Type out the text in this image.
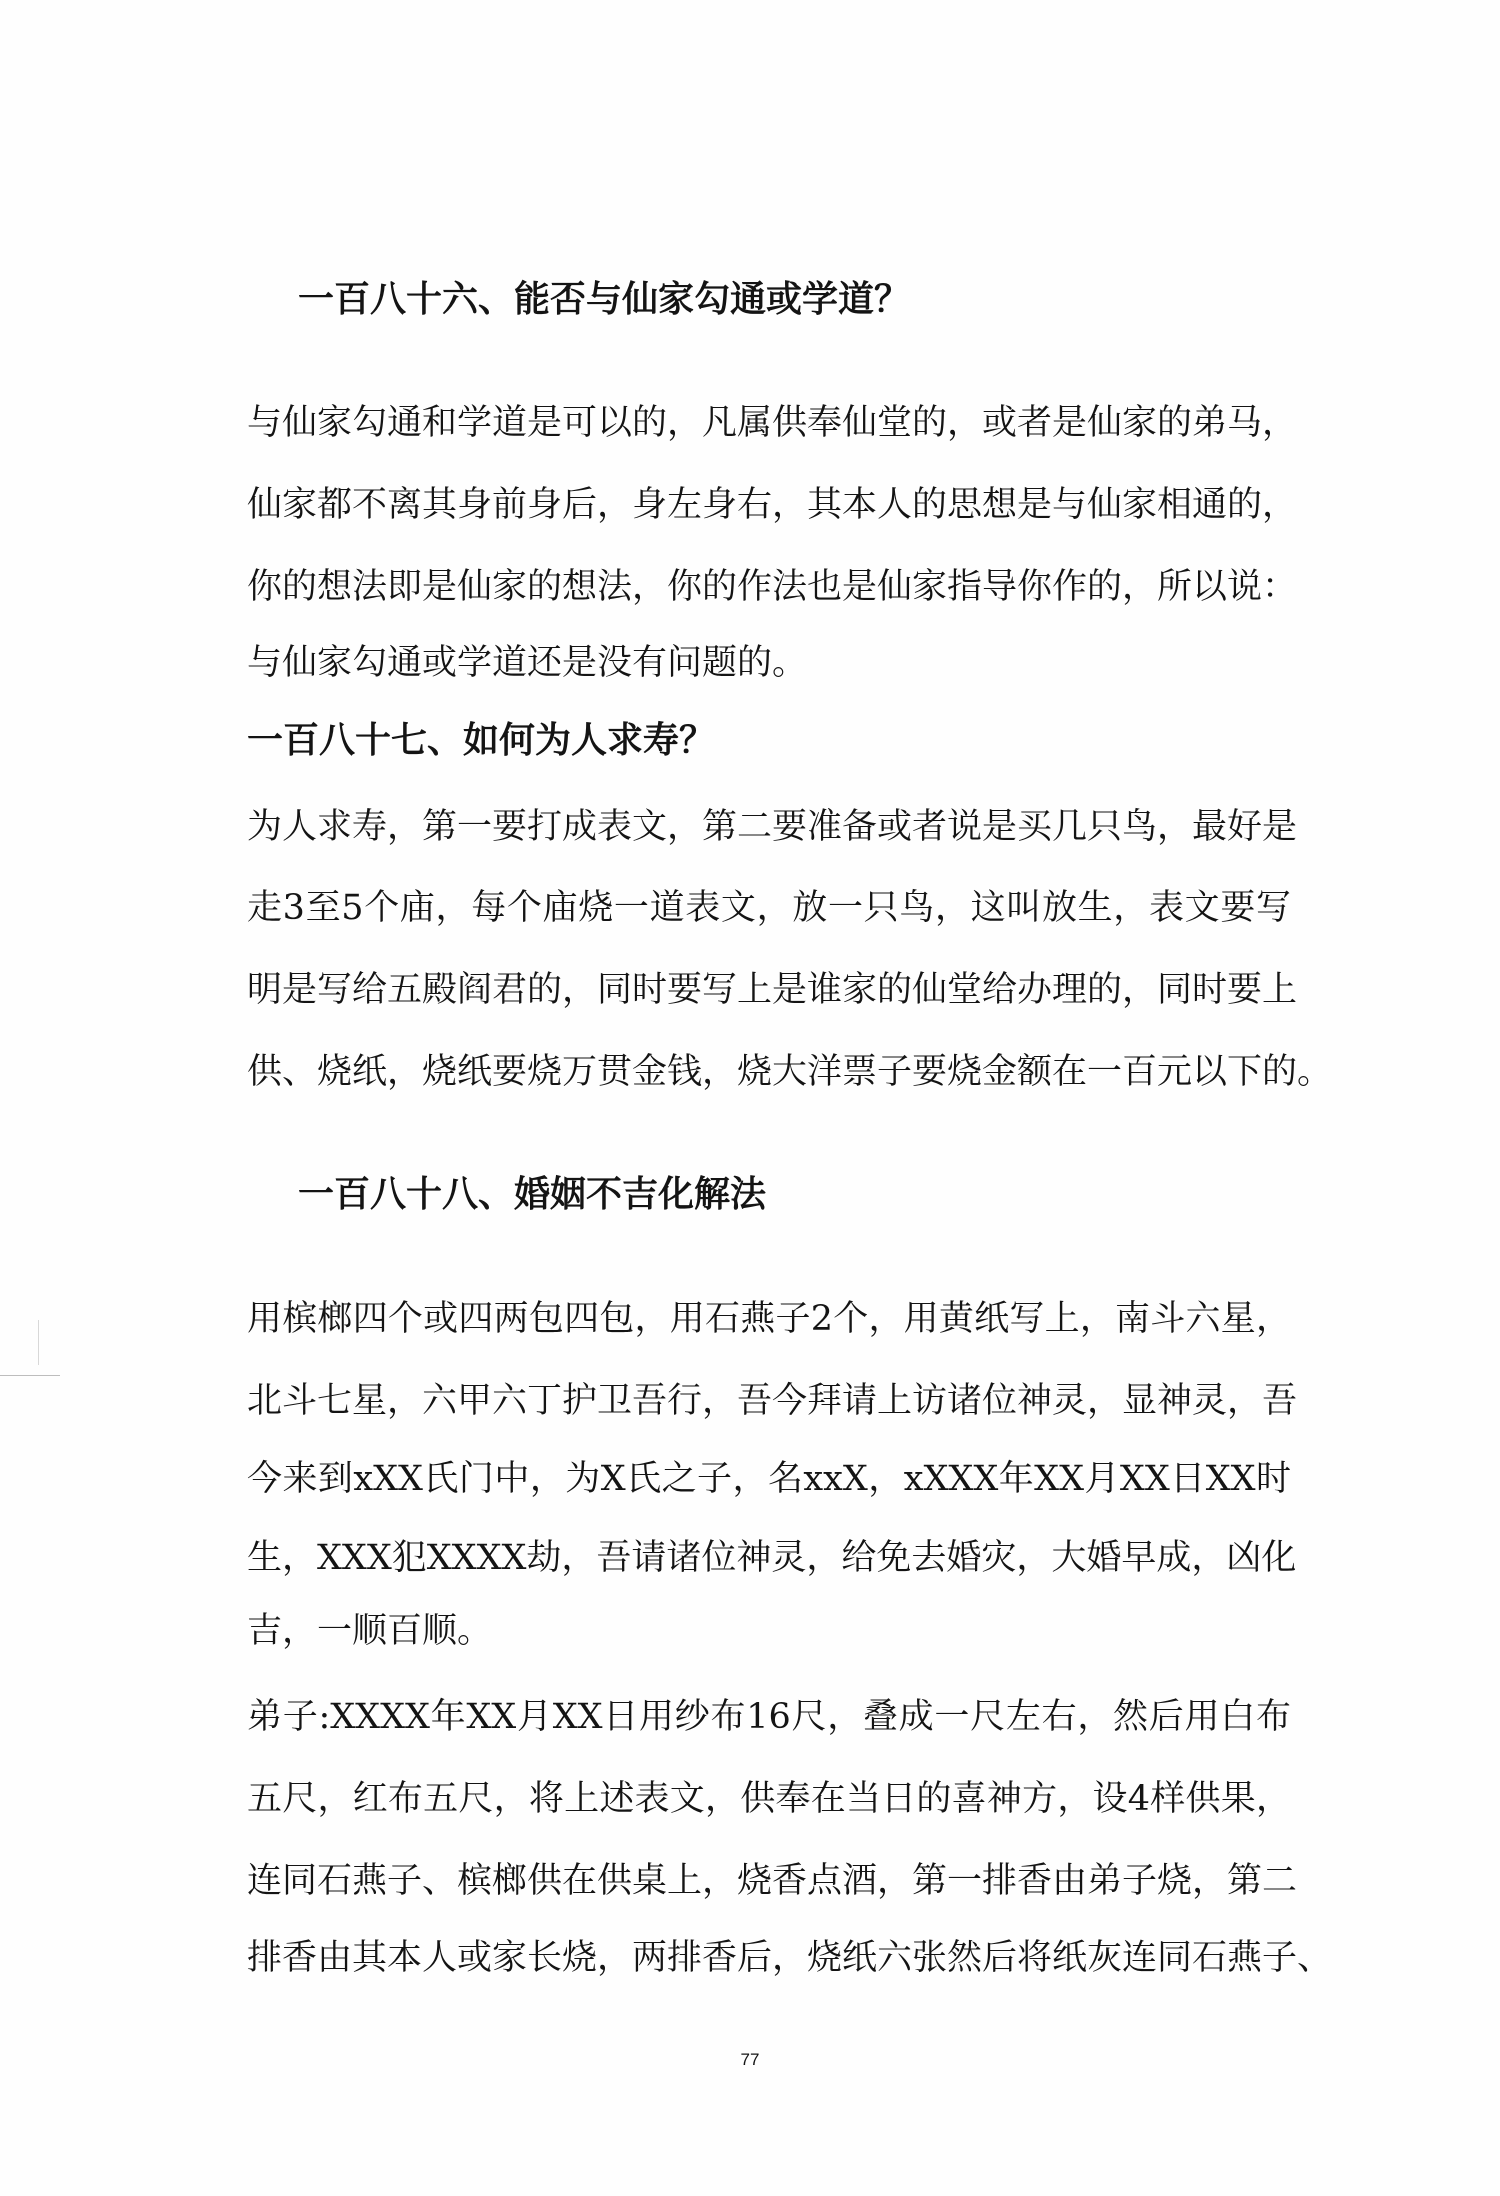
一百八十六、能否与仙家勾通或学道？
与仙家勾通和学道是可以的，凡属供奉仙堂的，或者是仙家的弟马，
仙家都不离其身前身后，身左身右，其本人的思想是与仙家相通的，
你的想法即是仙家的想法，你的作法也是仙家指导你作的，所以说：
与仙家勾通或学道还是没有问题的。
一百八十七、如何为人求寿？
为人求寿，第一要打成表文，第二要准备或者说是买几只鸟，最好是
走3至5个庙，每个庙烧一道表文，放一只鸟，这叫放生，表文要写
明是写给五殿阎君的，同时要写上是谁家的仙堂给办理的，同时要上
供、烧纸，烧纸要烧万贯金钱，烧大洋票子要烧金额在一百元以下的。
一百八十八、婚姻不吉化解法
用槟榔四个或四两包四包，用石燕子2个，用黄纸写上，南斗六星，
北斗七星，六甲六丁护卫吾行，吾今拜请上访诸位神灵，显神灵，吾
今来到xXX氏门中，为X氏之子，名xxX，xXXX年XX月XX日XX时
生，XXX犯XXXX劫，吾请诸位神灵，给免去婚灾，大婚早成，凶化
吉，一顺百顺。
弟子:XXXX年XX月XX日用纱布16尺，叠成一尺左右，然后用白布
五尺，红布五尺，将上述表文，供奉在当日的喜神方，设4样供果，
连同石燕子、槟榔供在供桌上，烧香点酒，第一排香由弟子烧，第二
排香由其本人或家长烧，两排香后，烧纸六张然后将纸灰连同石燕子、
77
